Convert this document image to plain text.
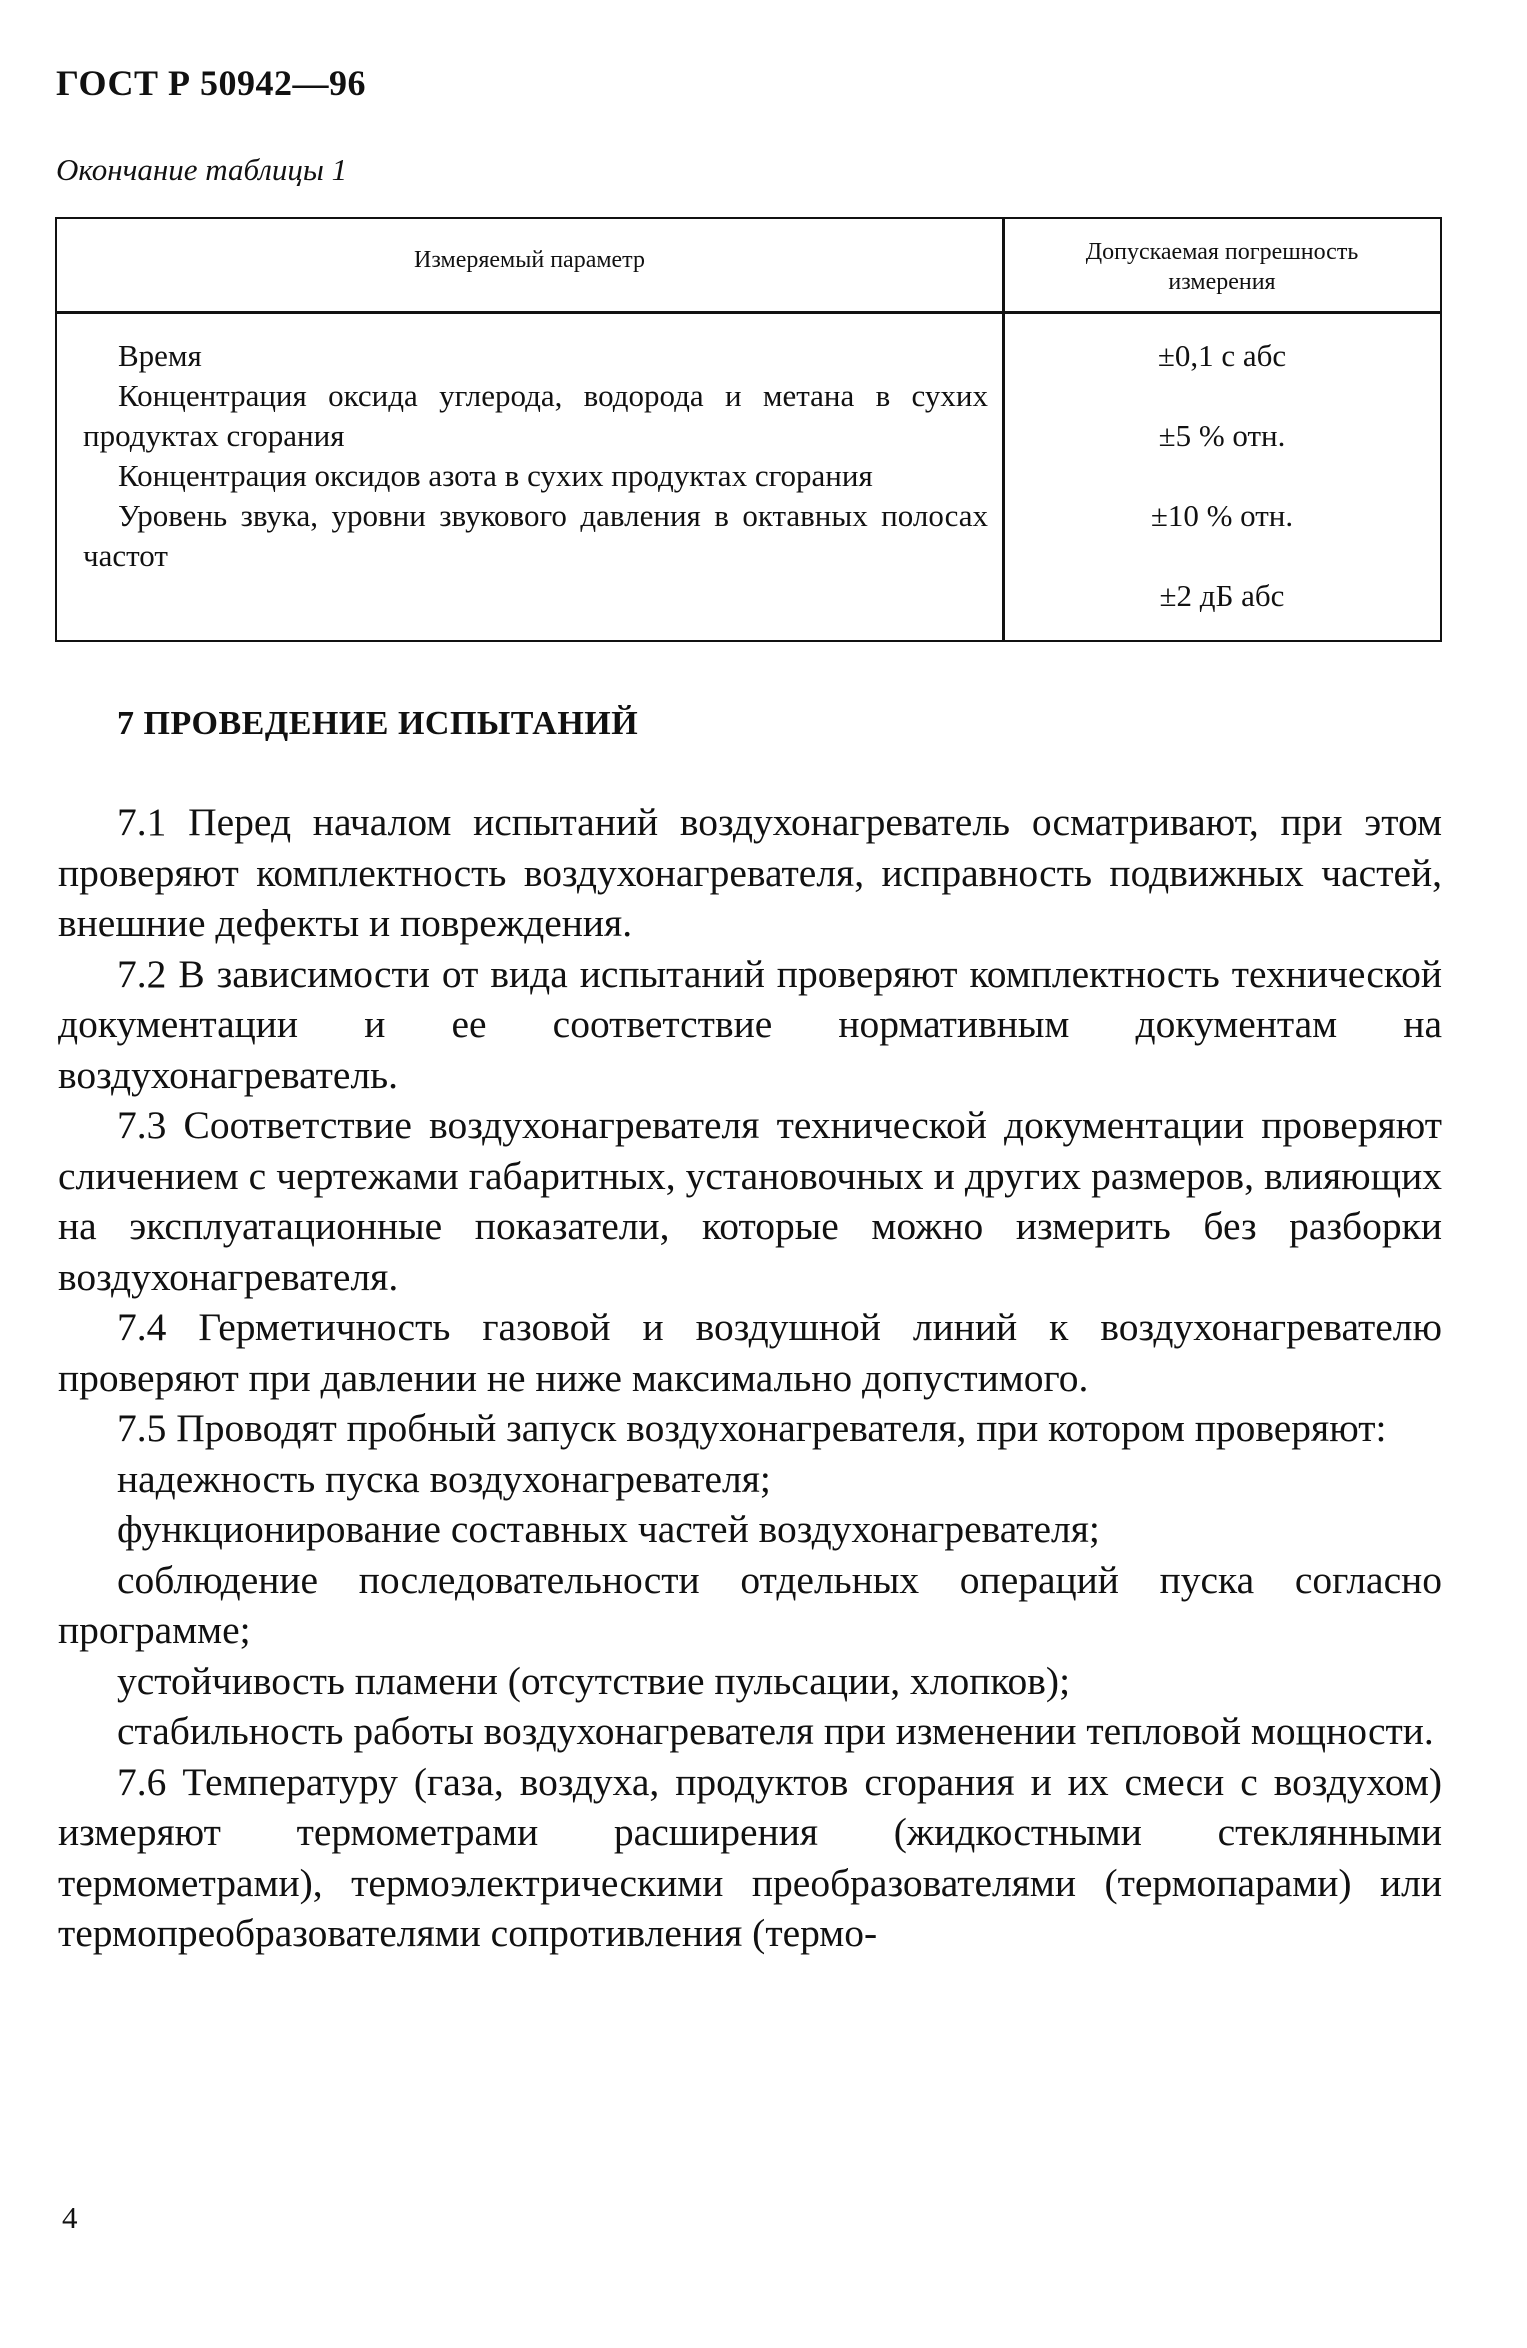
ГОСТ Р 50942—96
Окончание таблицы 1
Измеряемый параметр	Допускаемая погрешность измерения
Время
Концентрация оксида углерода, водорода и метана в сухих продуктах сгорания
Концентрация оксидов азота в сухих продуктах сгорания
Уровень звука, уровни звукового давления в октавных полосах частот
±0,1 с абс
±5 % отн.
±10 % отн.
±2 дБ абс
7 ПРОВЕДЕНИЕ ИСПЫТАНИЙ

7.1 Перед началом испытаний воздухонагреватель осматривают, при этом проверяют комплектность воздухонагревателя, исправность подвижных частей, внешние дефекты и повреждения.

7.2 В зависимости от вида испытаний проверяют комплектность технической документации и ее соответствие нормативным документам на воздухонагреватель.

7.3 Соответствие воздухонагревателя технической документации проверяют сличением с чертежами габаритных, установочных и других размеров, влияющих на эксплуатационные показатели, которые можно измерить без разборки воздухонагревателя.

7.4 Герметичность газовой и воздушной линий к воздухонагревателю проверяют при давлении не ниже максимально допустимого.

7.5 Проводят пробный запуск воздухонагревателя, при котором проверяют:

надежность пуска воздухонагревателя;

функционирование составных частей воздухонагревателя;

соблюдение последовательности отдельных операций пуска согласно программе;

устойчивость пламени (отсутствие пульсации, хлопков);

стабильность работы воздухонагревателя при изменении тепловой мощности.

7.6 Температуру (газа, воздуха, продуктов сгорания и их смеси с воздухом) измеряют термометрами расширения (жидкостными стеклянными термометрами), термоэлектрическими преобразователями (термопарами) или термопреобразователями сопротивления (термо-

4
